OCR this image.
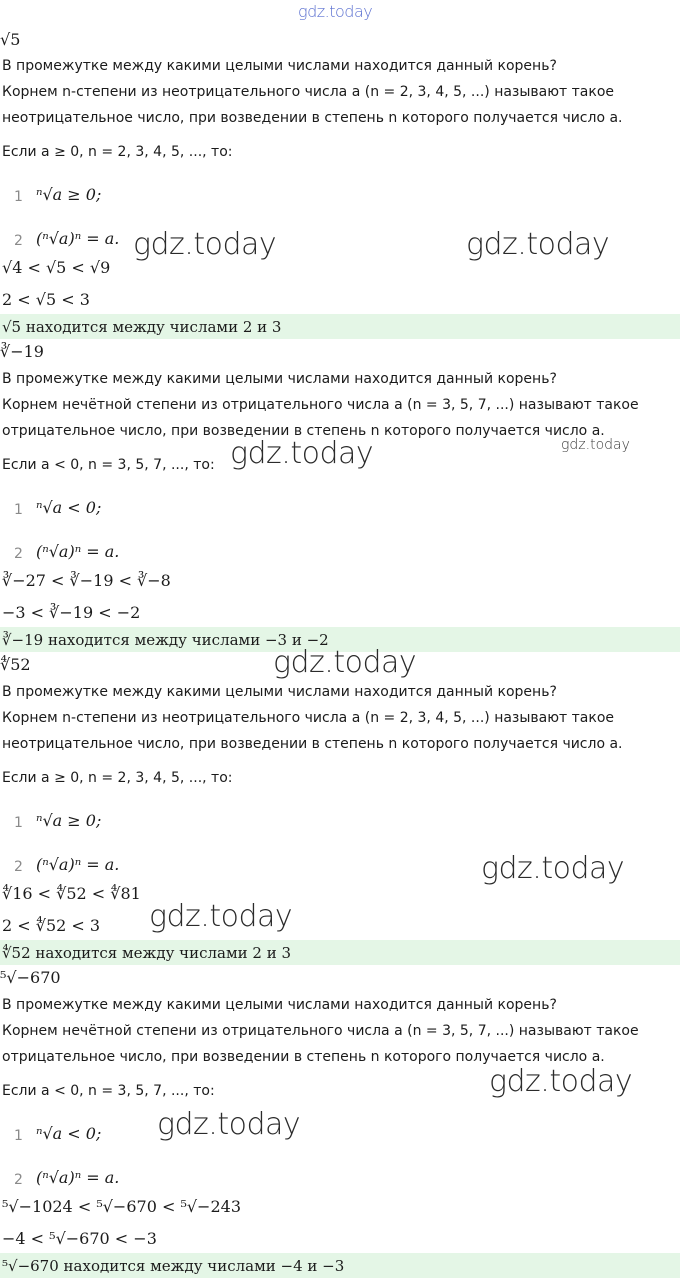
gdz.today
√5
В промежутке между какими целыми числами находится данный корень?
Корнем n-степени из неотрицательного числа a (n = 2, 3, 4, 5, ...) называют такое
неотрицательное число, при возведении в степень n которого получается число a.
Если a ≥ 0, n = 2, 3, 4, 5, ..., то:
1 ⁿ√a ≥ 0;
2 (ⁿ√a)ⁿ = a.
√4 < √5 < √9
2 < √5 < 3
√5 находится между числами 2 и 3
∛−19
В промежутке между какими целыми числами находится данный корень?
Корнем нечётной степени из отрицательного числа a (n = 3, 5, 7, ...) называют такое
отрицательное число, при возведении в степень n которого получается число a.
Если a < 0, n = 3, 5, 7, ..., то:
1 ⁿ√a < 0;
2 (ⁿ√a)ⁿ = a.
∛−27 < ∛−19 < ∛−8
−3 < ∛−19 < −2
∛−19 находится между числами −3 и −2
∜52
В промежутке между какими целыми числами находится данный корень?
Корнем n-степени из неотрицательного числа a (n = 2, 3, 4, 5, ...) называют такое
неотрицательное число, при возведении в степень n которого получается число a.
Если a ≥ 0, n = 2, 3, 4, 5, ..., то:
1 ⁿ√a ≥ 0;
2 (ⁿ√a)ⁿ = a.
∜16 < ∜52 < ∜81
2 < ∜52 < 3
∜52 находится между числами 2 и 3
⁵√−670
В промежутке между какими целыми числами находится данный корень?
Корнем нечётной степени из отрицательного числа a (n = 3, 5, 7, ...) называют такое
отрицательное число, при возведении в степень n которого получается число a.
Если a < 0, n = 3, 5, 7, ..., то:
1 ⁿ√a < 0;
2 (ⁿ√a)ⁿ = a.
⁵√−1024 < ⁵√−670 < ⁵√−243
−4 < ⁵√−670 < −3
⁵√−670 находится между числами −4 и −3
gdz.today	gdz.today
gdz.today
gdz.today
gdz.today
gdz.today
gdz.today
gdz.today
gdz.today
